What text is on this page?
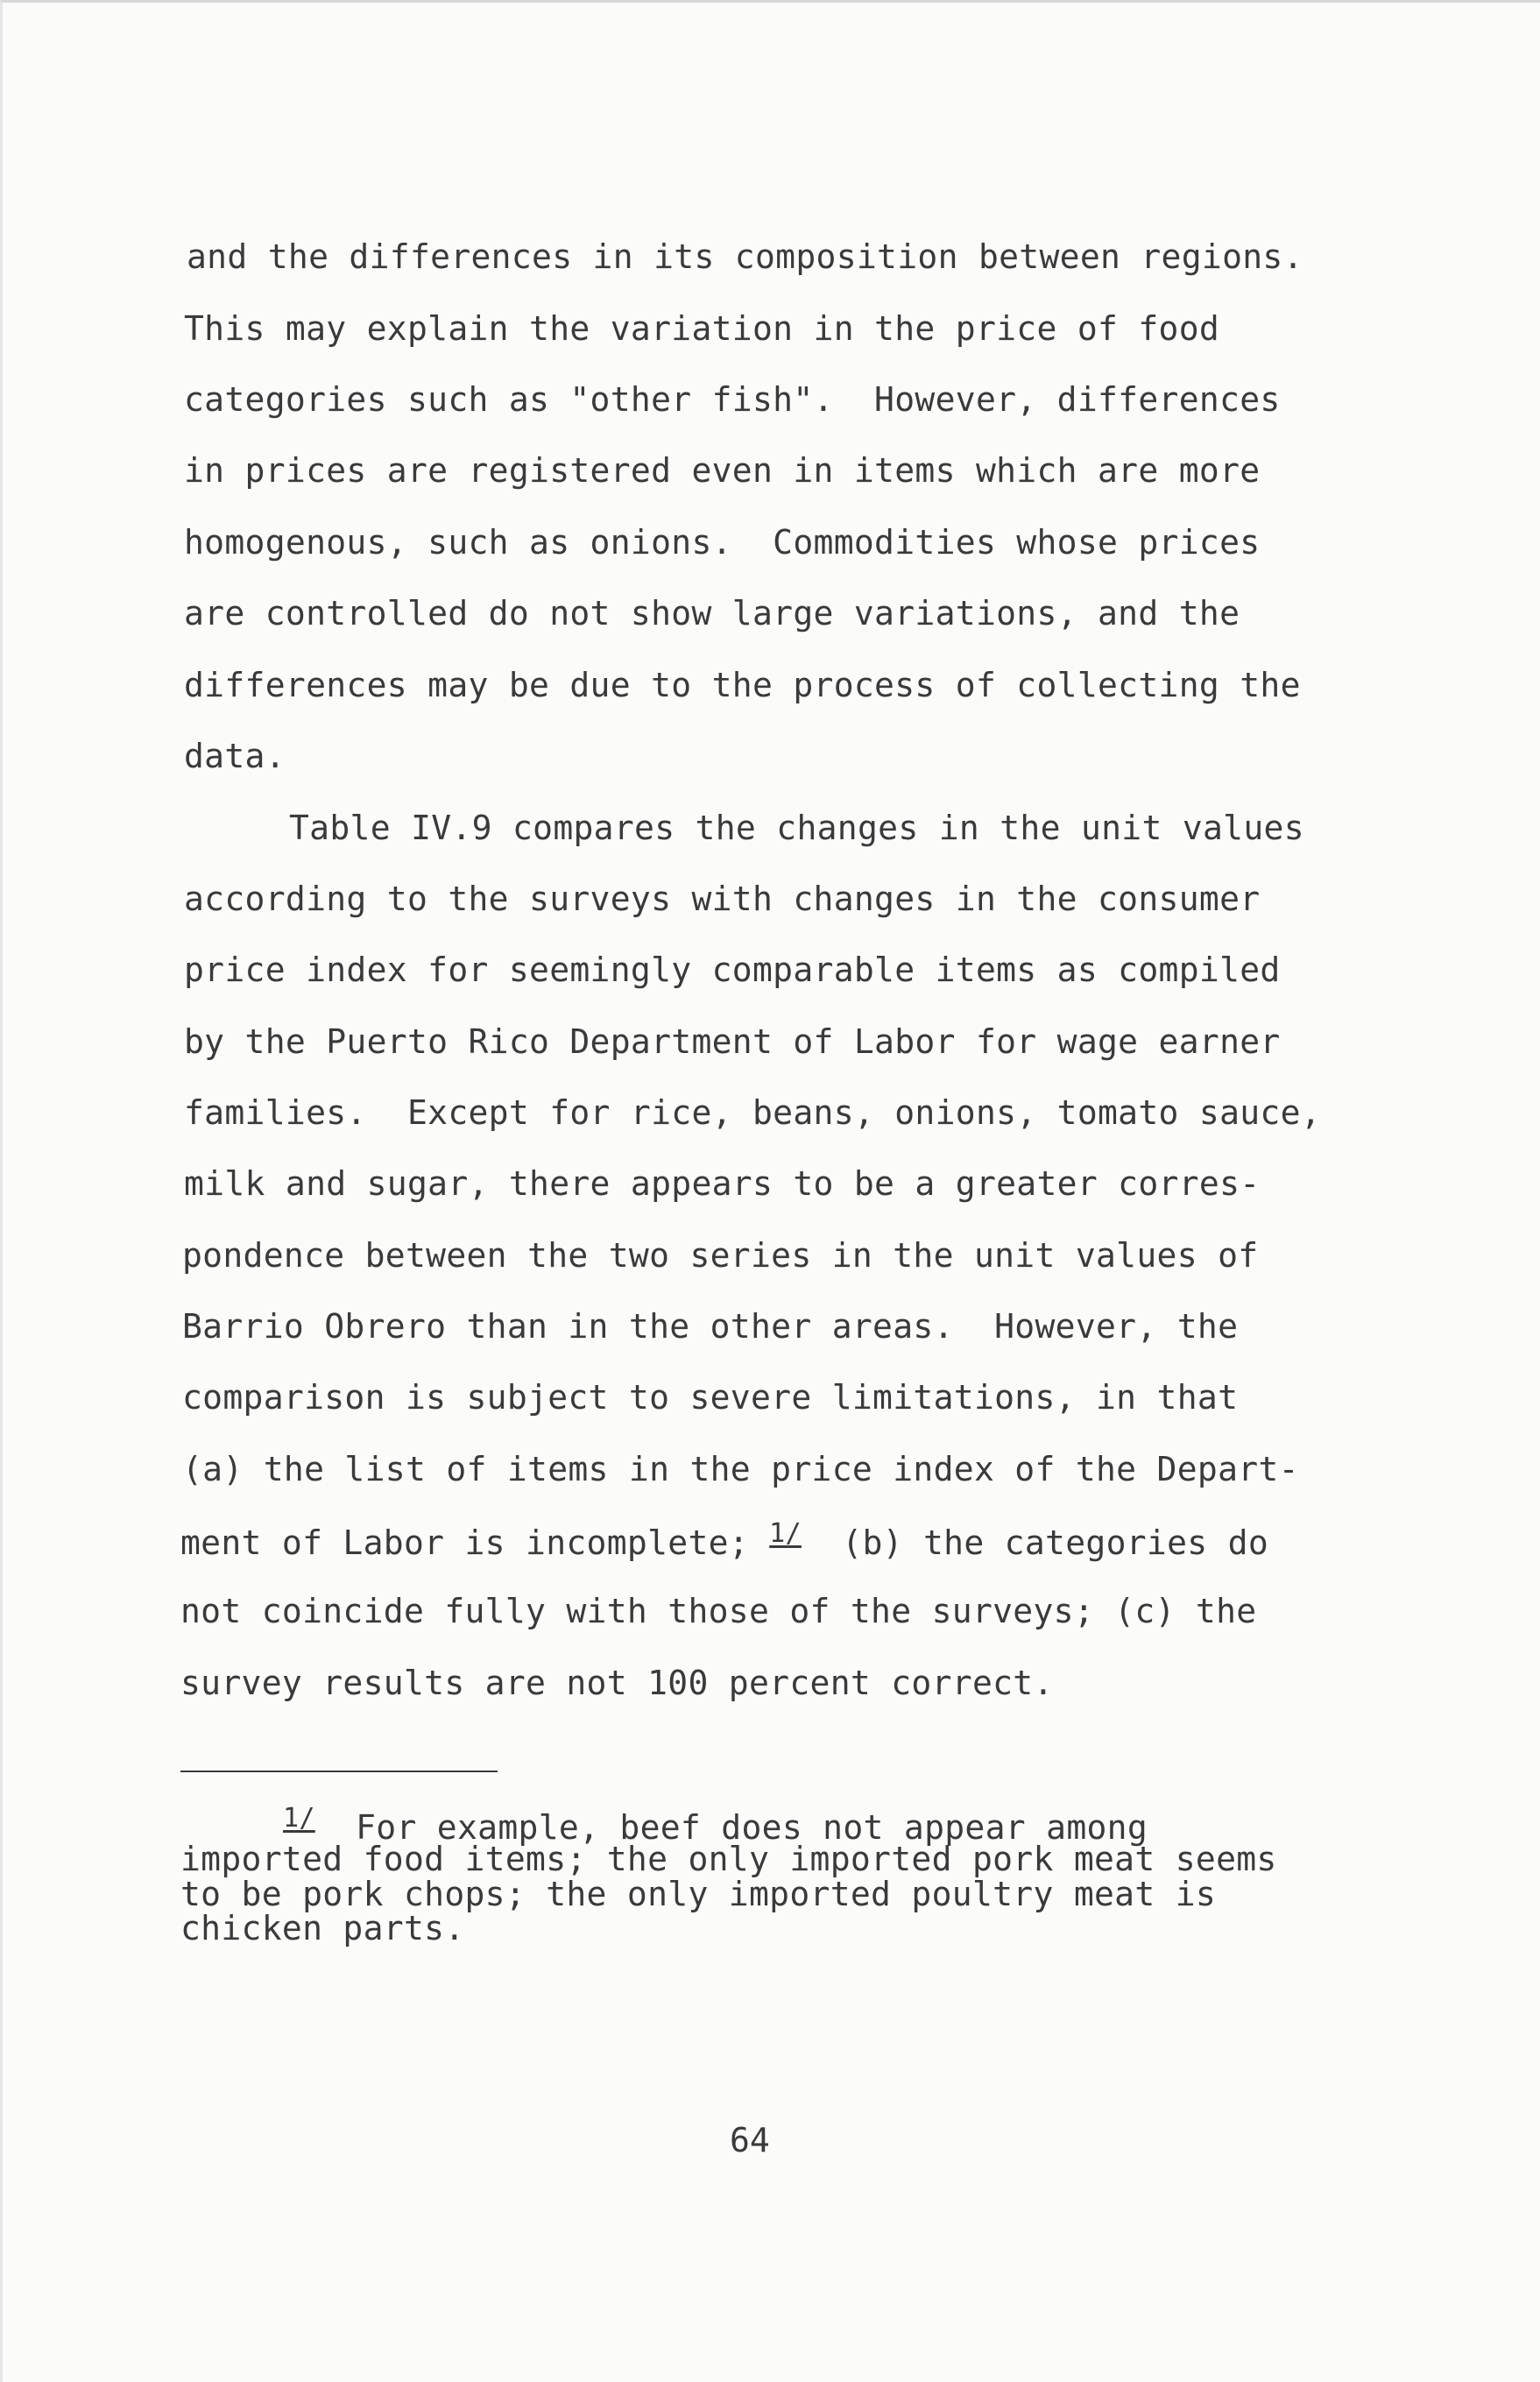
and the differences in its composition between regions.

This may explain the variation in the price of food

categories such as "other fish".  However, differences

in prices are registered even in items which are more

homogenous, such as onions.  Commodities whose prices

are controlled do not show large variations, and the

differences may be due to the process of collecting the

data.

Table IV.9 compares the changes in the unit values

according to the surveys with changes in the consumer

price index for seemingly comparable items as compiled

by the Puerto Rico Department of Labor for wage earner

families.  Except for rice, beans, onions, tomato sauce,

milk and sugar, there appears to be a greater corres-

pondence between the two series in the unit values of

Barrio Obrero than in the other areas.  However, the

comparison is subject to severe limitations, in that

(a) the list of items in the price index of the Depart-

ment of Labor is incomplete; 1/  (b) the categories do

not coincide fully with those of the surveys; (c) the

survey results are not 100 percent correct.

1/  For example, beef does not appear among

imported food items; the only imported pork meat seems

to be pork chops; the only imported poultry meat is

chicken parts.

64
